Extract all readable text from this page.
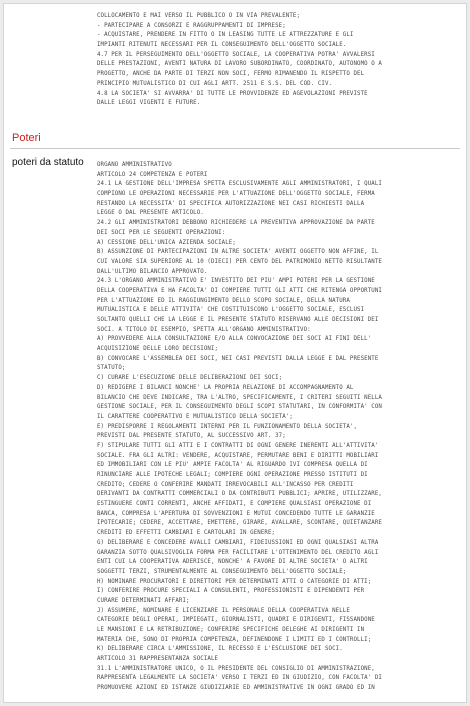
COLLOCAMENTO E MAI VERSO IL PUBBLICO O IN VIA PREVALENTE;
- PARTECIPARE A CONSORZI E RAGGRUPPAMENTI DI IMPRESE;
- ACQUISTARE, PRENDERE IN FITTO O IN LEASING TUTTE LE ATTREZZATURE E GLI
IMPIANTI RITENUTI NECESSARI PER IL CONSEGUIMENTO DELL'OGGETTO SOCIALE.
4.7 PER IL PERSEGUIMENTO DELL'OGGETTO SOCIALE, LA COOPERATIVA POTRA' AVVALERSI
DELLE PRESTAZIONI, AVENTI NATURA DI LAVORO SUBORDINATO, COORDINATO, AUTONOMO O A
PROGETTO, ANCHE DA PARTE DI TERZI NON SOCI, FERMO RIMANENDO IL RISPETTO DEL
PRINCIPIO MUTUALISTICO DI CUI AGLI ARTT. 2511 E S.S. DEL COD. CIV.
4.8 LA SOCIETA' SI AVVARRA' DI TUTTE LE PROVVIDENZE ED AGEVOLAZIONI PREVISTE
DALLE LEGGI VIGENTI E FUTURE.
Poteri
poteri da statuto ORGANO AMMINISTRATIVO
ARTICOLO 24 COMPETENZA E POTERI
24.1 LA GESTIONE DELL'IMPRESA SPETTA ESCLUSIVAMENTE AGLI AMMINISTRATORI, I QUALI
COMPIONO LE OPERAZIONI NECESSARIE PER L'ATTUAZIONE DELL'OGGETTO SOCIALE, FERMA
RESTANDO LA NECESSITA' DI SPECIFICA AUTORIZZAZIONE NEI CASI RICHIESTI DALLA
LEGGE O DAL PRESENTE ARTICOLO.
24.2 GLI AMMINISTRATORI DEBBONO RICHIEDERE LA PREVENTIVA APPROVAZIONE DA PARTE
DEI SOCI PER LE SEGUENTI OPERAZIONI:
A) CESSIONE DELL'UNICA AZIENDA SOCIALE;
B) ASSUNZIONE DI PARTECIPAZIONI IN ALTRE SOCIETA' AVENTI OGGETTO NON AFFINE, IL
CUI VALORE SIA SUPERIORE AL 10 (DIECI) PER CENTO DEL PATRIMONIO NETTO RISULTANTE
DALL'ULTIMO BILANCIO APPROVATO.
24.3 L'ORGANO AMMINISTRATIVO E' INVESTITO DEI PIU' AMPI POTERI PER LA GESTIONE
DELLA COOPERATIVA E HA FACOLTA' DI COMPIERE TUTTI GLI ATTI CHE RITENGA OPPORTUNI
PER L'ATTUAZIONE ED IL RAGGIUNGIMENTO DELLO SCOPO SOCIALE, DELLA NATURA
MUTUALISTICA E DELLE ATTIVITA' CHE COSTITUISCONO L'OGGETTO SOCIALE, ESCLUSI
SOLTANTO QUELLI CHE LA LEGGE E IL PRESENTE STATUTO RISERVANO ALLE DECISIONI DEI
SOCI. A TITOLO DI ESEMPIO, SPETTA ALL'ORGANO AMMINISTRATIVO:
A) PROVVEDERE ALLA CONSULTAZIONE E/O ALLA CONVOCAZIONE DEI SOCI AI FINI DELL'
ACQUISIZIONE DELLE LORO DECISIONI;
B) CONVOCARE L'ASSEMBLEA DEI SOCI, NEI CASI PREVISTI DALLA LEGGE E DAL PRESENTE
STATUTO;
C) CURARE L'ESECUZIONE DELLE DELIBERAZIONI DEI SOCI;
D) REDIGERE I BILANCI NONCHE' LA PROPRIA RELAZIONE DI ACCOMPAGNAMENTO AL
BILANCIO CHE DEVE INDICARE, TRA L'ALTRO, SPECIFICAMENTE, I CRITERI SEGUITI NELLA
GESTIONE SOCIALE, PER IL CONSEGUIMENTO DEGLI SCOPI STATUTARI, IN CONFORMITA' CON
IL CARATTERE COOPERATIVO E MUTUALISTICO DELLA SOCIETA';
E) PREDISPORRE I REGOLAMENTI INTERNI PER IL FUNZIONAMENTO DELLA SOCIETA',
PREVISTI DAL PRESENTE STATUTO, AL SUCCESSIVO ART. 37;
F) STIPULARE TUTTI GLI ATTI E I CONTRATTI DI OGNI GENERE INERENTI ALL'ATTIVITA'
SOCIALE. FRA GLI ALTRI: VENDERE, ACQUISTARE, PERMUTARE BENI E DIRITTI MOBILIARI
ED IMMOBILIARI CON LE PIU' AMPIE FACOLTA' AL RIGUARDO IVI COMPRESA QUELLA DI
RINUNCIARE ALLE IPOTECHE LEGALI; COMPIERE OGNI OPERAZIONE PRESSO ISTITUTI DI
CREDITO; CEDERE O CONFERIRE MANDATI IRREVOCABILI ALL'INCASSO PER CREDITI
DERIVANTI DA CONTRATTI COMMERCIALI O DA CONTRIBUTI PUBBLICI; APRIRE, UTILIZZARE,
ESTINGUERE CONTI CORRENTI, ANCHE AFFIDATI, E COMPIERE QUALSIASI OPERAZIONE DI
BANCA, COMPRESA L'APERTURA DI SOVVENZIONI E MUTUI CONCEDENDO TUTTE LE GARANZIE
IPOTECARIE; CEDERE, ACCETTARE, EMETTERE, GIRARE, AVALLARE, SCONTARE, QUIETANZARE
CREDITI ED EFFETTI CAMBIARI E CARTOLARI IN GENERE;
G) DELIBERARE E CONCEDERE AVALLI CAMBIARI, FIDEIUSSIONI ED OGNI QUALSIASI ALTRA
GARANZIA SOTTO QUALSIVOGLIA FORMA PER FACILITARE L'OTTENIMENTO DEL CREDITO AGLI
ENTI CUI LA COOPERATIVA ADERISCE, NONCHE' A FAVORE DI ALTRE SOCIETA' O ALTRI
SOGGETTI TERZI, STRUMENTALMENTE AL CONSEGUIMENTO DELL'OGGETTO SOCIALE;
H) NOMINARE PROCURATORI E DIRETTORI PER DETERMINATI ATTI O CATEGORIE DI ATTI;
I) CONFERIRE PROCURE SPECIALI A CONSULENTI, PROFESSIONISTI E DIPENDENTI PER
CURARE DETERMINATI AFFARI;
J) ASSUMERE, NOMINARE E LICENZIARE IL PERSONALE DELLA COOPERATIVA NELLE
CATEGORIE DEGLI OPERAI, IMPIEGATI, GIORNALISTI, QUADRI E DIRIGENTI, FISSANDONE
LE MANSIONI E LA RETRIBUZIONE; CONFERIRE SPECIFICHE DELEGHE AI DIRIGENTI IN
MATERIA CHE, SONO DI PROPRIA COMPETENZA, DEFINENDONE I LIMITI ED I CONTROLLI;
K) DELIBERARE CIRCA L'AMMISSIONE, IL RECESSO E L'ESCLUSIONE DEI SOCI.
ARTICOLO 31 RAPPRESENTANZA SOCIALE
31.1 L'AMMINISTRATORE UNICO, O IL PRESIDENTE DEL CONSIGLIO DI AMMINISTRAZIONE,
RAPPRESENTA LEGALMENTE LA SOCIETA' VERSO I TERZI ED IN GIUDIZIO, CON FACOLTA' DI
PROMUOVERE AZIONI ED ISTANZE GIUDIZIARIE ED AMMINISTRATIVE IN OGNI GRADO ED IN
